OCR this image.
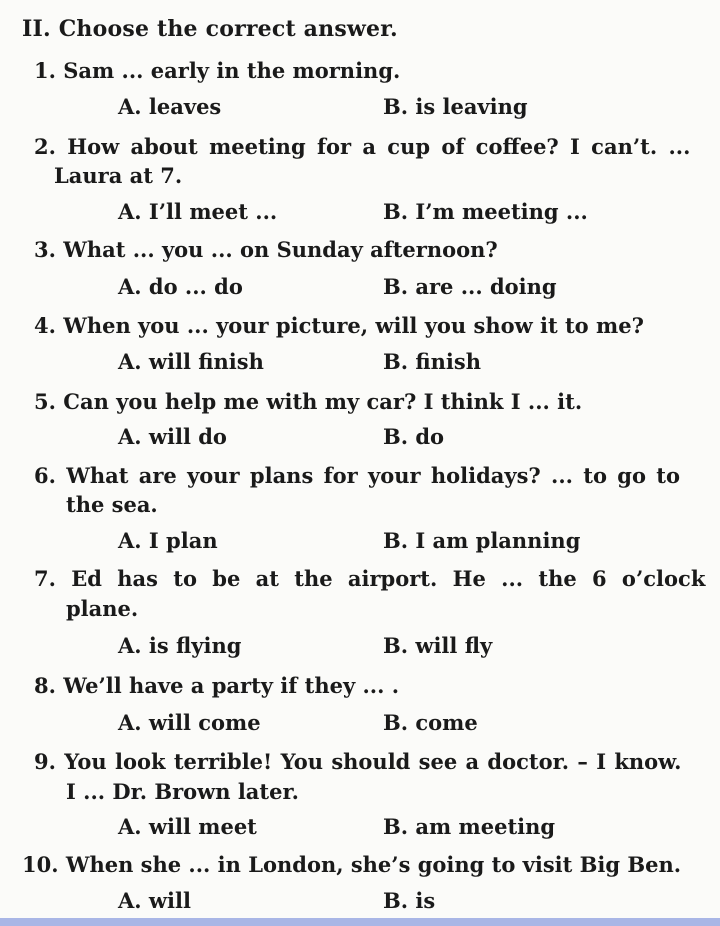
II. Choose the correct answer.
1. Sam ... early in the morning.
A. leaves	B. is leaving
2. How about meeting for a cup of coffee? I can’t. ...
Laura at 7.
A. I’ll meet ...	B. I’m meeting ...
3. What ... you ... on Sunday afternoon?
A. do ... do	B. are ... doing
4. When you ... your picture, will you show it to me?
A. will finish	B. finish
5. Can you help me with my car? I think I ... it.
A. will do	B. do
6. What are your plans for your holidays? ... to go to
the sea.
A. I plan	B. I am planning
7. Ed has to be at the airport. He ... the 6 o’clock
plane.
A. is flying	B. will fly
8. We’ll have a party if they ... .
A. will come	B. come
9. You look terrible! You should see a doctor. – I know.
I ... Dr. Brown later.
A. will meet	B. am meeting
10. When she ... in London, she’s going to visit Big Ben.
A. will	B. is
